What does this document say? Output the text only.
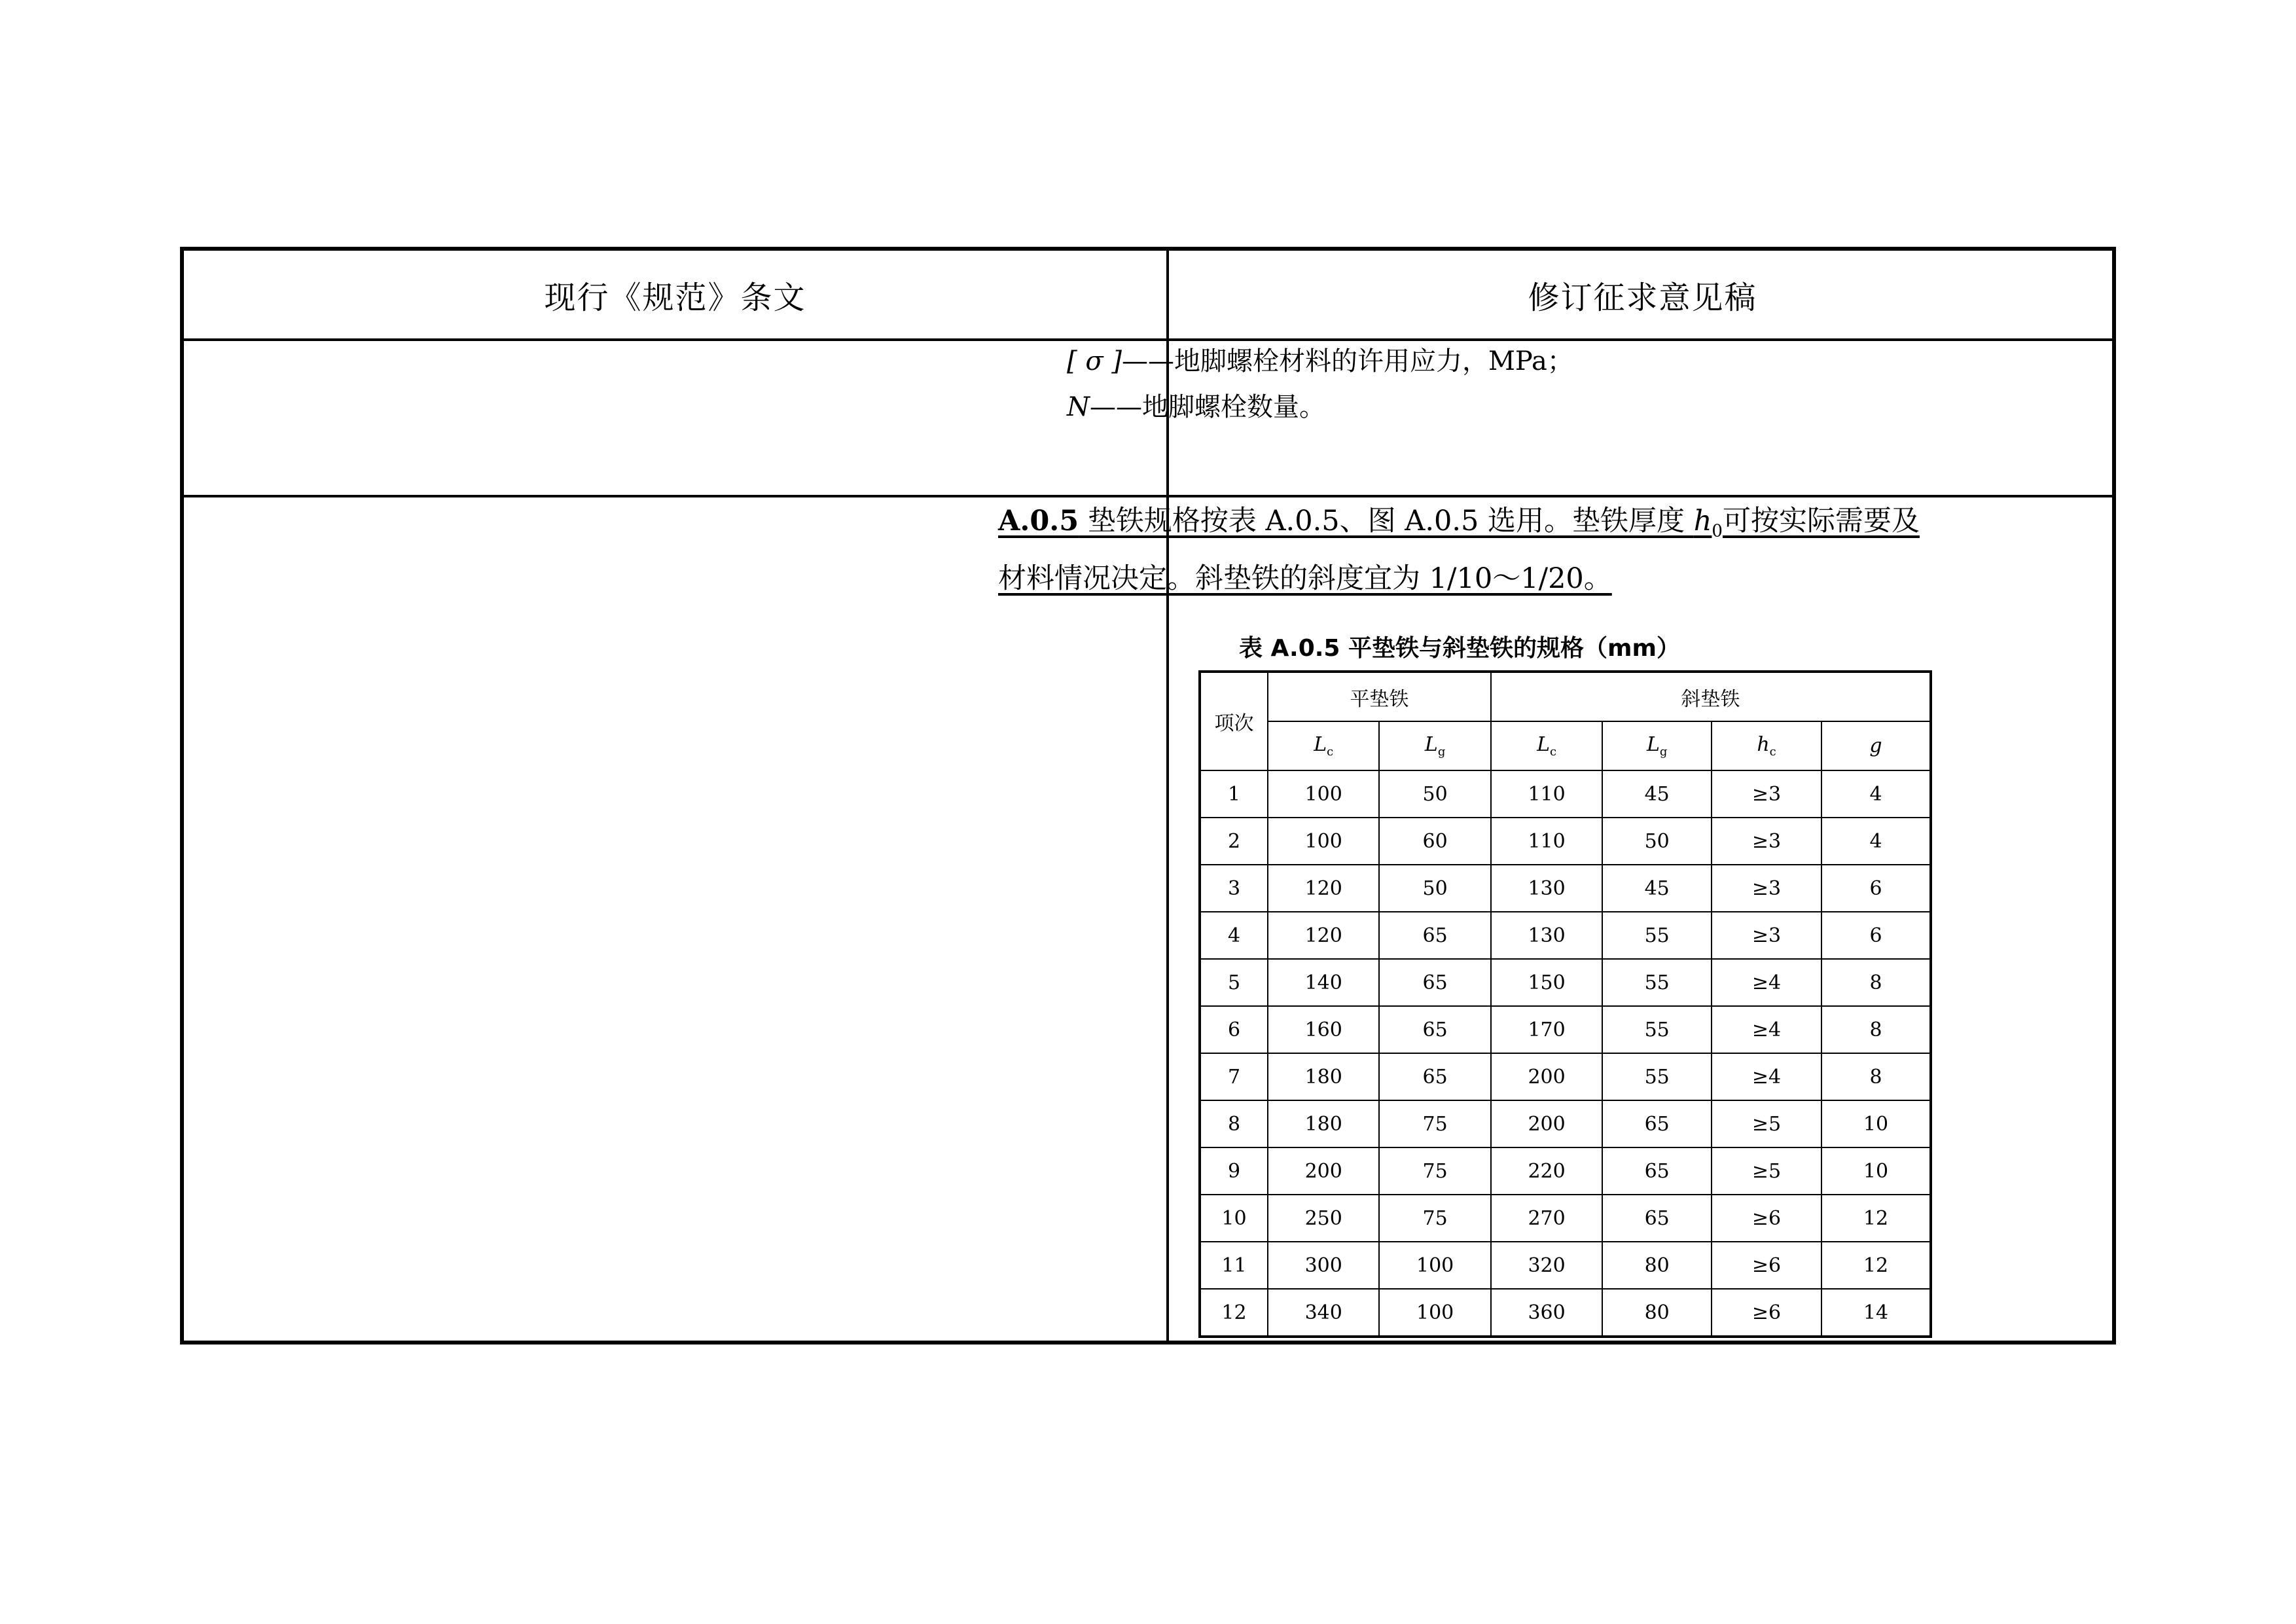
现行《规范》条文	修订征求意见稿
[ σ ]——地脚螺栓材料的许用应力，MPa；
N——地脚螺栓数量。
A.0.5 垫铁规格按表 A.0.5、图 A.0.5 选用。垫铁厚度 $h_0$可按实际需要及材料情况决定。斜垫铁的斜度宜为 1/10～1/20。
表 A.0.5 平垫铁与斜垫铁的规格（mm）
项次	平垫铁		斜垫铁			
	$L_c$	$L_g$	$L_c$	$L_g$	$h_c$	g
1	100	50	110	45	≥3	4
2	100	60	110	50	≥3	4
3	120	50	130	45	≥3	6
4	120	65	130	55	≥3	6
5	140	65	150	55	≥4	8
6	160	65	170	55	≥4	8
7	180	65	200	55	≥4	8
8	180	75	200	65	≥5	10
9	200	75	220	65	≥5	10
10	250	75	270	65	≥6	12
11	300	100	320	80	≥6	12
12	340	100	360	80	≥6	14
